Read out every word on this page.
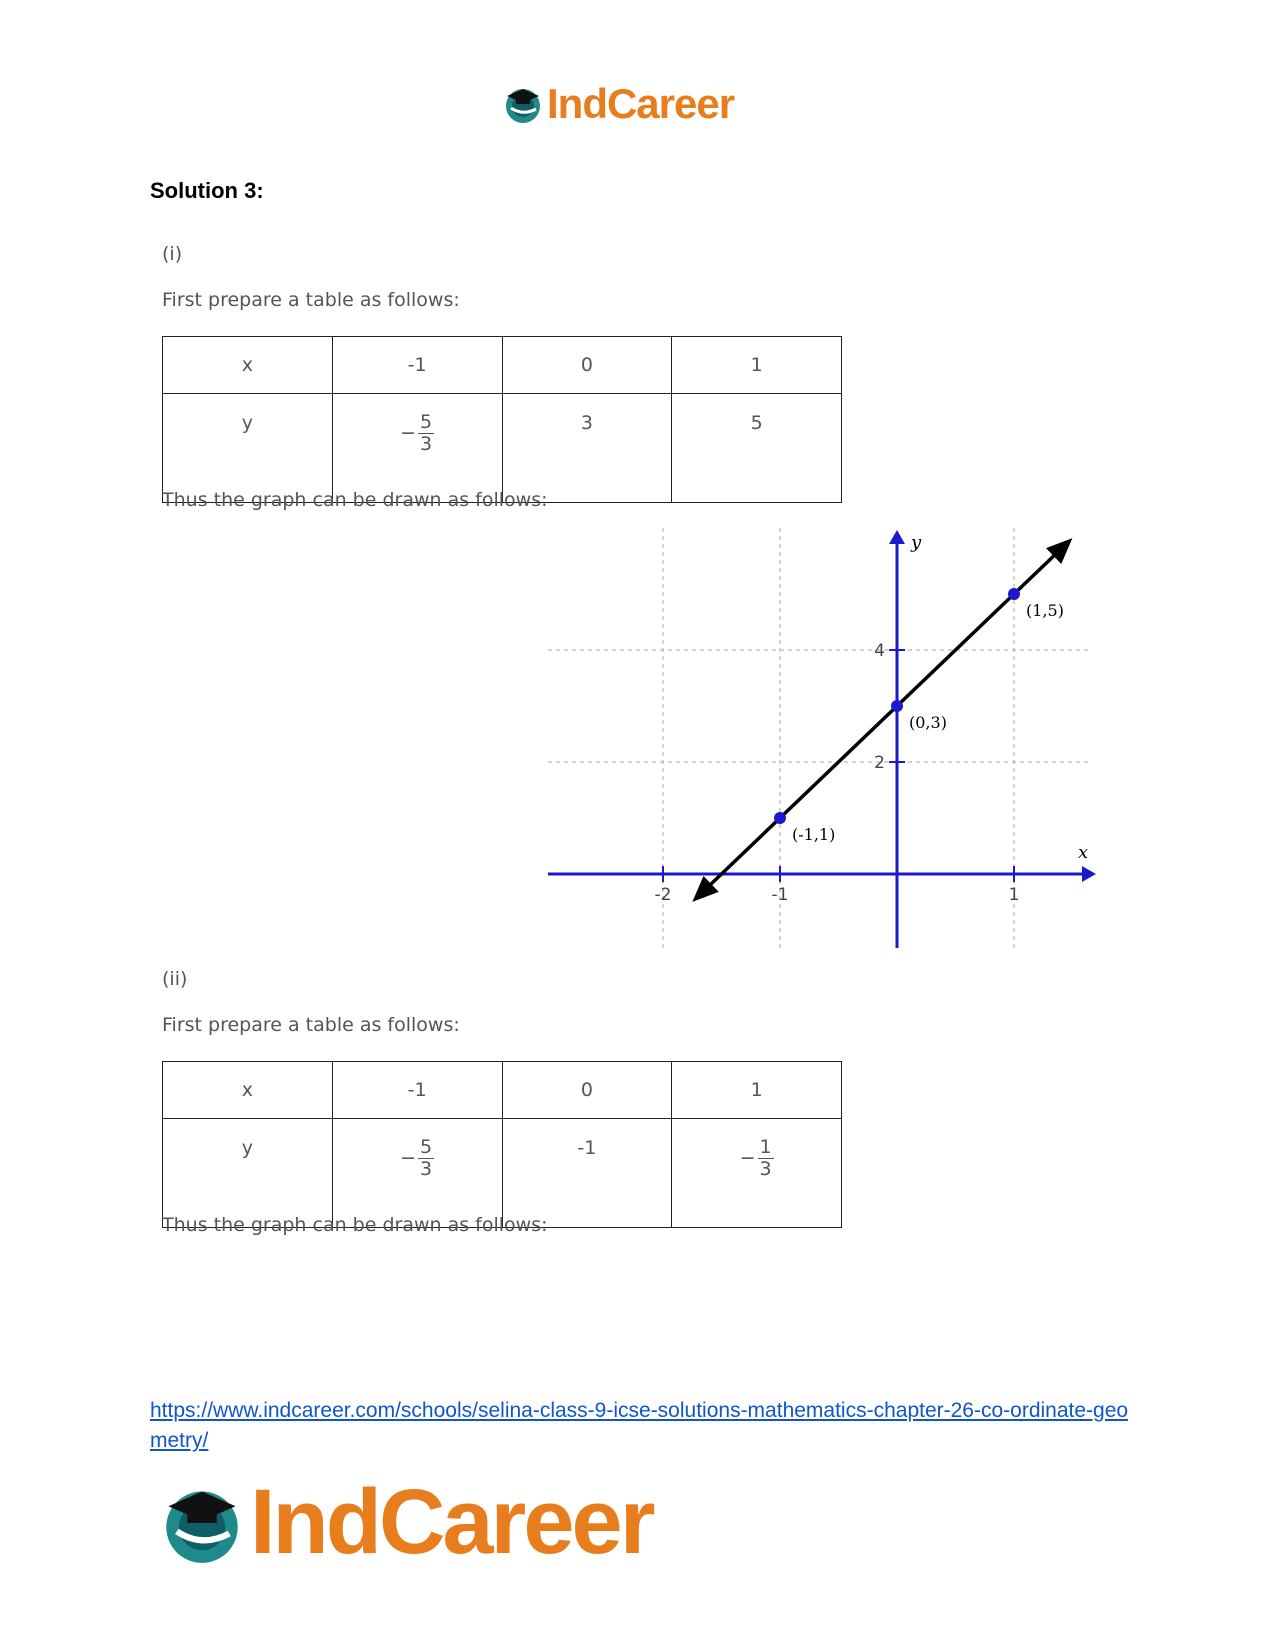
IndCareer
Solution 3:
(i)
First prepare a table as follows:
x	-1	0	1
y	− $\frac{5}{3}$	3	5
Thus the graph can be drawn as follows:
x
y
-2	-1	1
2
4
(-1,1)
(0,3)
(1,5)
(ii)
First prepare a table as follows:
x	-1	0	1
y	− $\frac{5}{3}$	-1	− $\frac{1}{3}$
Thus the graph can be drawn as follows:
https://www.indcareer.com/schools/selina-class-9-icse-solutions-mathematics-chapter-26-co-ordinate-geometry/
IndCareer
